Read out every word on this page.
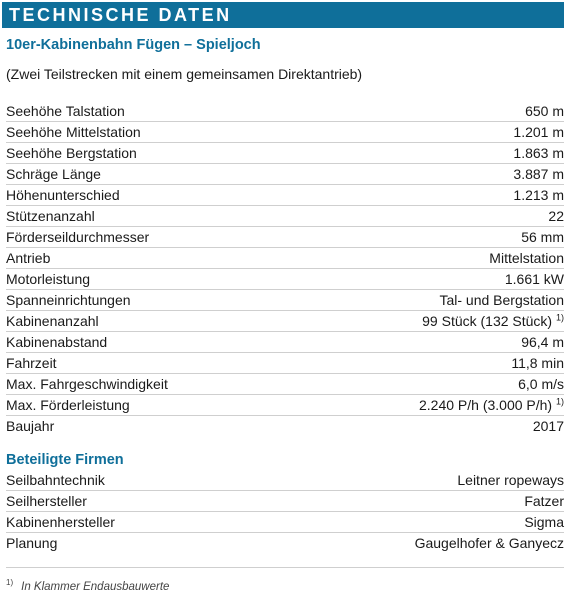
TECHNISCHE DATEN
10er-Kabinenbahn Fügen – Spieljoch
(Zwei Teilstrecken mit einem gemeinsamen Direktantrieb)
Seehöhe Talstation	650 m
Seehöhe Mittelstation	1.201 m
Seehöhe Bergstation	1.863 m
Schräge Länge	3.887 m
Höhenunterschied	1.213 m
Stützenanzahl	22
Förderseildurchmesser	56 mm
Antrieb	Mittelstation
Motorleistung	1.661 kW
Spanneinrichtungen	Tal- und Bergstation
Kabinenanzahl	99 Stück (132 Stück) $^{1)}$
Kabinenabstand	96,4 m
Fahrzeit	11,8 min
Max. Fahrgeschwindigkeit	6,0 m/s
Max. Förderleistung	2.240 P/h (3.000 P/h) $^{1)}$
Baujahr	2017
Beteiligte Firmen
Seilbahntechnik	Leitner ropeways
Seilhersteller	Fatzer
Kabinenhersteller	Sigma
Planung	Gaugelhofer & Ganyecz
$^{1)}$ In Klammer Endausbauwerte
